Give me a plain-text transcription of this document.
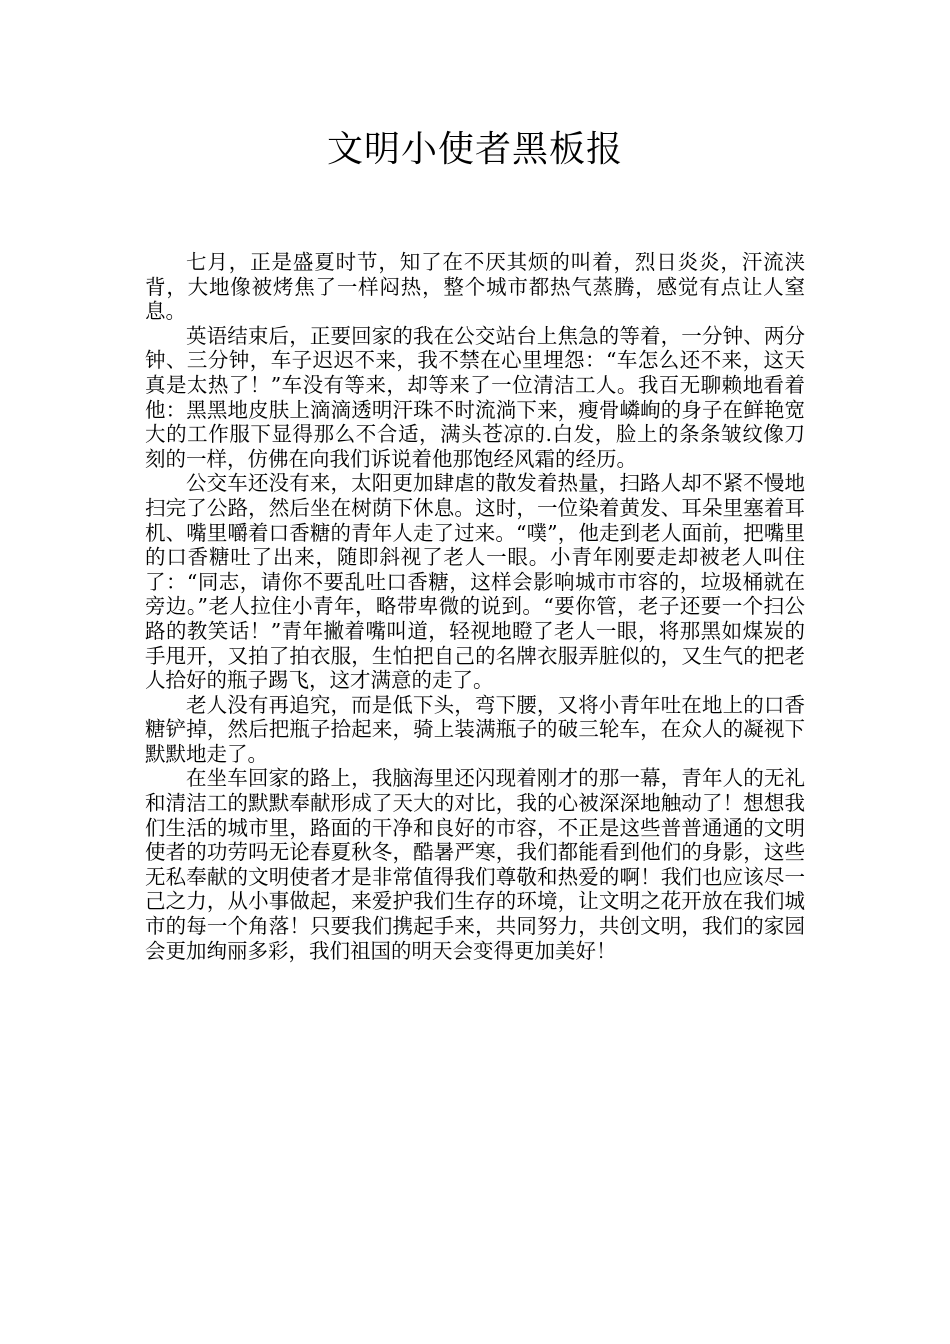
文明小使者黑板报

七月，正是盛夏时节，知了在不厌其烦的叫着，烈日炎炎，汗流浃背，大地像被烤焦了一样闷热，整个城市都热气蒸腾，感觉有点让人窒息。

英语结束后，正要回家的我在公交站台上焦急的等着，一分钟、两分钟、三分钟，车子迟迟不来，我不禁在心里埋怨：“车怎么还不来，这天真是太热了！”车没有等来，却等来了一位清洁工人。我百无聊赖地看着他：黑黑地皮肤上滴滴透明汗珠不时流淌下来，瘦骨嶙峋的身子在鲜艳宽大的工作服下显得那么不合适，满头苍凉的.白发，脸上的条条皱纹像刀刻的一样，仿佛在向我们诉说着他那饱经风霜的经历。

公交车还没有来，太阳更加肆虐的散发着热量，扫路人却不紧不慢地扫完了公路，然后坐在树荫下休息。这时，一位染着黄发、耳朵里塞着耳机、嘴里嚼着口香糖的青年人走了过来。“噗”，他走到老人面前，把嘴里的口香糖吐了出来，随即斜视了老人一眼。小青年刚要走却被老人叫住了：“同志，请你不要乱吐口香糖，这样会影响城市市容的，垃圾桶就在旁边。”老人拉住小青年，略带卑微的说到。“要你管，老子还要一个扫公路的教笑话！”青年撇着嘴叫道，轻视地瞪了老人一眼，将那黑如煤炭的手甩开，又拍了拍衣服，生怕把自己的名牌衣服弄脏似的，又生气的把老人拾好的瓶子踢飞，这才满意的走了。

老人没有再追究，而是低下头，弯下腰，又将小青年吐在地上的口香糖铲掉，然后把瓶子拾起来，骑上装满瓶子的破三轮车，在众人的凝视下默默地走了。

在坐车回家的路上，我脑海里还闪现着刚才的那一幕，青年人的无礼和清洁工的默默奉献形成了天大的对比，我的心被深深地触动了！想想我们生活的城市里，路面的干净和良好的市容，不正是这些普普通通的文明使者的功劳吗无论春夏秋冬，酷暑严寒，我们都能看到他们的身影，这些无私奉献的文明使者才是非常值得我们尊敬和热爱的啊！我们也应该尽一己之力，从小事做起，来爱护我们生存的环境，让文明之花开放在我们城市的每一个角落！只要我们携起手来，共同努力，共创文明，我们的家园会更加绚丽多彩，我们祖国的明天会变得更加美好！
